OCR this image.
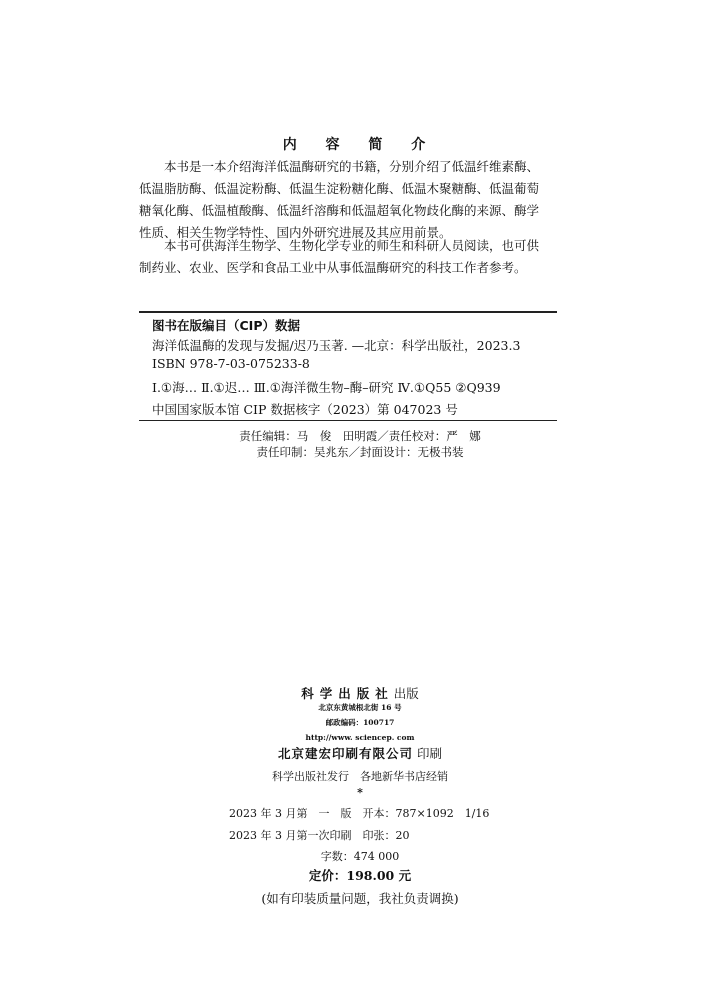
内 容 简 介
　　本书是一本介绍海洋低温酶研究的书籍，分别介绍了低温纤维素酶、
低温脂肪酶、低温淀粉酶、低温生淀粉糖化酶、低温木聚糖酶、低温葡萄
糖氧化酶、低温植酸酶、低温纤溶酶和低温超氧化物歧化酶的来源、酶学
性质、相关生物学特性、国内外研究进展及其应用前景。
　　本书可供海洋生物学、生物化学专业的师生和科研人员阅读，也可供
制药业、农业、医学和食品工业中从事低温酶研究的科技工作者参考。
图书在版编目（CIP）数据
海洋低温酶的发现与发掘/迟乃玉著. —北京：科学出版社，2023.3
ISBN 978-7-03-075233-8
Ⅰ.①海… Ⅱ.①迟… Ⅲ.①海洋微生物–酶–研究 Ⅳ.①Q55 ②Q939
中国国家版本馆 CIP 数据核字（2023）第 047023 号
责任编辑：马　俊　田明霞／责任校对：严　娜
责任印制：吴兆东／封面设计：无极书装
科学出版社出版
北京东黄城根北街 16 号
邮政编码：100717
http://www. sciencep. com
北京建宏印刷有限公司 印刷
科学出版社发行　各地新华书店经销
*
2023 年 3 月第　一　版　开本：787×1092　1/16
2023 年 3 月第一次印刷　印张：20
字数：474 000
定价：198.00 元
(如有印装质量问题，我社负责调换)
